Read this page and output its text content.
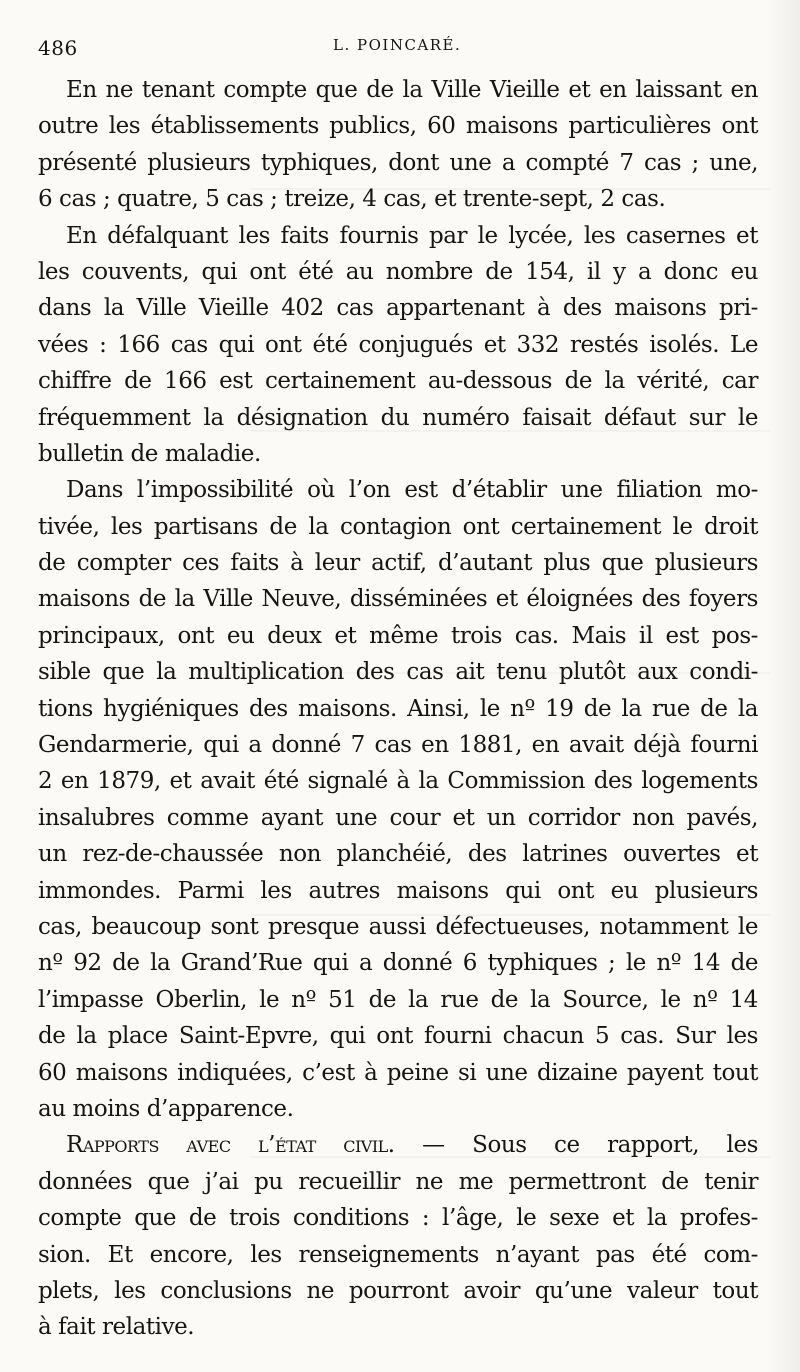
486	L. POINCARÉ.
En ne tenant compte que de la Ville Vieille et en laissant en
outre les établissements publics, 60 maisons particulières ont
présenté plusieurs typhiques, dont une a compté 7 cas ; une,
6 cas ; quatre, 5 cas ; treize, 4 cas, et trente-sept, 2 cas.
En défalquant les faits fournis par le lycée, les casernes et
les couvents, qui ont été au nombre de 154, il y a donc eu
dans la Ville Vieille 402 cas appartenant à des maisons pri-
vées : 166 cas qui ont été conjugués et 332 restés isolés. Le
chiffre de 166 est certainement au-dessous de la vérité, car
fréquemment la désignation du numéro faisait défaut sur le
bulletin de maladie.
Dans l’impossibilité où l’on est d’établir une filiation mo-
tivée, les partisans de la contagion ont certainement le droit
de compter ces faits à leur actif, d’autant plus que plusieurs
maisons de la Ville Neuve, disséminées et éloignées des foyers
principaux, ont eu deux et même trois cas. Mais il est pos-
sible que la multiplication des cas ait tenu plutôt aux condi-
tions hygiéniques des maisons. Ainsi, le nº 19 de la rue de la
Gendarmerie, qui a donné 7 cas en 1881, en avait déjà fourni
2 en 1879, et avait été signalé à la Commission des logements
insalubres comme ayant une cour et un corridor non pavés,
un rez-de-chaussée non planchéié, des latrines ouvertes et
immondes. Parmi les autres maisons qui ont eu plusieurs
cas, beaucoup sont presque aussi défectueuses, notamment le
nº 92 de la Grand’Rue qui a donné 6 typhiques ; le nº 14 de
l’impasse Oberlin, le nº 51 de la rue de la Source, le nº 14
de la place Saint-Epvre, qui ont fourni chacun 5 cas. Sur les
60 maisons indiquées, c’est à peine si une dizaine payent tout
au moins d’apparence.
Rapports avec l’état civil. — Sous ce rapport, les
données que j’ai pu recueillir ne me permettront de tenir
compte que de trois conditions : l’âge, le sexe et la profes-
sion. Et encore, les renseignements n’ayant pas été com-
plets, les conclusions ne pourront avoir qu’une valeur tout
à fait relative.
